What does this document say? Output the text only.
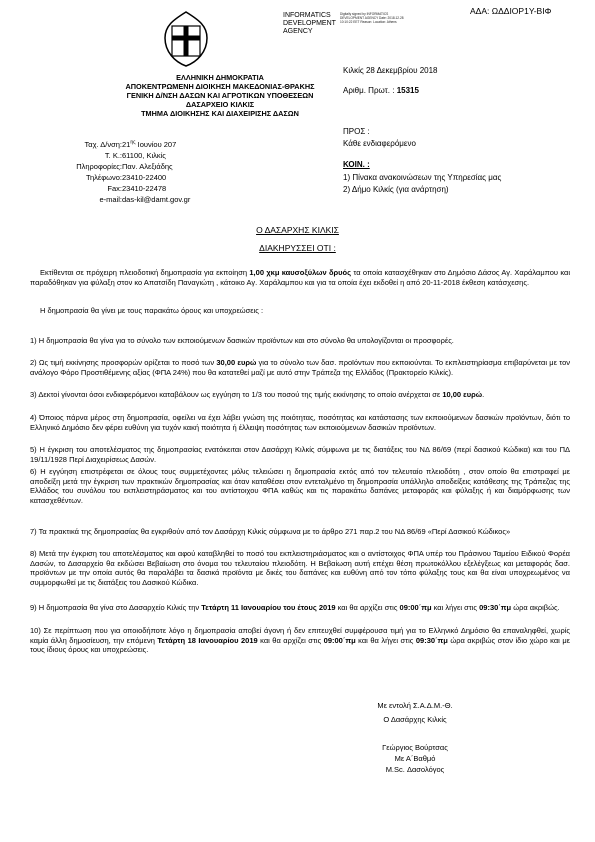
ΑΔΑ: ΩΔΔΙΟΡ1Υ-ΒΙΦ
INFORMATICS
DEVELOPMENT
AGENCY
Digitally signed by INFORMATICS DEVELOPMENT AGENCY Date: 2018.12.28 10:10:22 EET Reason: Location: Athens
ΕΛΛΗΝΙΚΗ ΔΗΜΟΚΡΑΤΙΑ
ΑΠΟΚΕΝΤΡΩΜΕΝΗ ΔΙΟΙΚΗΣΗ ΜΑΚΕΔΟΝΙΑΣ-ΘΡΑΚΗΣ
ΓΕΝΙΚΗ Δ/ΝΣΗ ΔΑΣΩΝ ΚΑΙ ΑΓΡΟΤΙΚΩΝ ΥΠΟΘΕΣΕΩΝ
ΔΑΣΑΡΧΕΙΟ ΚΙΛΚΙΣ
ΤΜΗΜΑ ΔΙΟΙΚΗΣΗΣ ΚΑΙ ΔΙΑΧΕΙΡΙΣΗΣ ΔΑΣΩΝ
Κιλκίς 28 Δεκεμβρίου 2018
Αριθμ. Πρωτ. : 15315
Ταχ. Δ/νση: $21^{\eta\varsigma}$ Ιουνίου 207
Τ. Κ.: 61100, Κιλκίς
Πληροφορίες: Παν. Αλεξιάδης
Τηλέφωνο: 23410-22400
Fax: 23410-22478
e-mail: das-kil@damt.gov.gr
ΠΡΟΣ :
Κάθε ενδιαφερόμενο
ΚΟΙΝ. :
1) Πίνακα ανακοινώσεων της Υπηρεσίας μας
2) Δήμο Κιλκίς (για ανάρτηση)
Ο ΔΑΣΑΡΧΗΣ ΚΙΛΚΙΣ
ΔΙΑΚΗΡΥΣΣΕΙ ΟΤΙ :
Εκτίθενται σε πρόχειρη πλειοδοτική δημοπρασία για εκποίηση 1,00 χκμ καυσοξύλων δρυός τα οποία κατασχέθηκαν στο Δημόσιο Δάσος Αγ. Χαράλαμπου και παραδόθηκαν για φύλαξη στον κο Απατσίδη Παναγιώτη , κάτοικο Αγ. Χαράλαμπου και για τα οποία έχει εκδοθεί η από 20-11-2018 έκθεση κατάσχεσης.
Η δημοπρασία θα γίνει με τους παρακάτω όρους και υποχρεώσεις :
1) Η δημοπρασία θα γίνα για το σύνολο των εκποιούμενων δασικών προϊόντων και στο σύνολο θα υπολογίζονται οι προσφορές.
2) Ως τιμή εκκίνησης προσφορών ορίζεται το ποσό των 30,00 ευρώ για το σύνολο των δασ. προϊόντων που εκποιούνται. Το εκπλειστηρίασμα επιβαρύνεται με τον ανάλογο Φόρο Προστιθέμενης αξίας (ΦΠΑ 24%) που θα κατατεθεί μαζί με αυτό στην Τράπεζα της Ελλάδος (Πρακτορείο Κιλκίς).
3) Δεκτοί γίνονται όσοι ενδιαφερόμενοι καταβάλουν ως εγγύηση το 1/3 του ποσού της τιμής εκκίνησης το οποίο ανέρχεται σε 10,00 ευρώ.
4) Όποιος πάρνα μέρος στη δημοπρασία, οφείλει να έχει λάβει γνώση της ποιότητας, ποσότητας και κατάστασης των εκποιούμενων δασικών προϊόντων, διότι το Ελληνικό Δημόσιο δεν φέρει ευθύνη για τυχόν κακή ποιότητα ή έλλειψη ποσότητας των εκποιούμενων δασικών προϊόντων.
5) Η έγκριση του αποτελέσματος της δημοπρασίας ενατόκειται στον Δασάρχη Κιλκίς σύμφωνα με τις διατάξεις του ΝΔ 86/69 (περί δασικού Κώδικα) και του ΠΔ 19/11/1928 Περί Διαχειρίσεως Δασών.
6) Η εγγύηση επιστρέφεται σε όλους τους συμμετέχοντες μόλις τελειώσει η δημοπρασία εκτός από τον τελευταίο πλειοδότη , στον οποίο θα επιστραφεί με αποδείξη μετά την έγκριση των πρακτικών δημοπρασίας και όταν καταθέσει στον εντεταλμένο τη δημοπρασία υπάλληλο αποδείξεις κατάθεσης της Τράπεζας της Ελλάδος του συνόλου του εκπλειστηράσματος και του αντίστοιχου ΦΠΑ καθώς και τις παρακάτω δαπάνες μεταφοράς και φύλαξης ή και διαμόρφωσης των κατασχεθέντων.
7) Τα πρακτικά της δημοπρασίας θα εγκριθούν από τον Δασάρχη Κιλκίς σύμφωνα με το άρθρο 271 παρ.2 του ΝΔ 86/69 «Περί Δασικού Κώδικος»
8) Μετά την έγκριση του αποτελέσματος και αφού καταβληθεί το ποσό του εκπλειστηριάσματος και ο αντίστοιχος ΦΠΑ υπέρ του Πράσινου Ταμείου Ειδικού Φορέα Δασών, το Δασαρχείο θα εκδώσει Βεβαίωση στο όνομα του τελευταίου πλειοδότη. Η Βεβαίωση αυτή επέχει θέση πρωτοκόλλου εξελέγξεως και μεταφοράς δασ. προϊόντων με την οποία αυτός θα παραλάβει τα δασικά προϊόντα με δικές του δαπάνες και ευθύνη από τον τόπο φύλαξης τους και θα είναι υποχρεωμένος να συμμορφωθεί με τις διατάξεις του Δασικού Κώδικα.
9) Η δημοπρασία θα γίνα στο Δασαρχείο Κιλκίς την Τετάρτη 11 Ιανουαρίου του έτους 2019 και θα αρχίζει στις 09:00΄πμ και λήγει στις 09:30΄πμ ώρα ακριβώς.
10) Σε περίπτωση που για οποιοδήποτε λόγο η δημοπρασία αποβεί άγονη ή δεν επιτευχθεί συμφέρουσα τιμή για το Ελληνικό Δημόσιο θα επαναληφθεί, χωρίς καμία άλλη δημοσίευση, την επόμενη Τετάρτη 18 Ιανουαρίου 2019 και θα αρχίζει στις 09:00΄πμ και θα λήγει στις 09:30΄πμ ώρα ακριβώς στον ίδιο χώρο και με τους ίδιους όρους και υποχρεώσεις.
Με εντολή Σ.Α.Δ.Μ.-Θ.
Ο Δασάρχης Κιλκίς
Γεώργιος Βούρτσας
Με Α΄Βαθμό
M.Sc. Δασολόγος
